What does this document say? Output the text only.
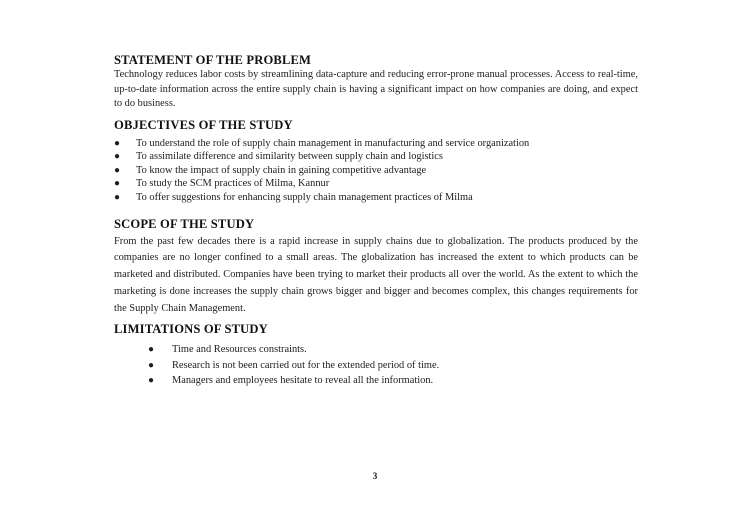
STATEMENT OF THE PROBLEM

Technology reduces labor costs by streamlining data-capture and reducing error-prone manual processes. Access to real-time, up-to-date information across the entire supply chain is having a significant impact on how companies are doing, and expect to do business.

OBJECTIVES OF THE STUDY
● To understand the role of supply chain management in manufacturing and service organization
● To assimilate difference and similarity between supply chain and logistics
● To know the impact of supply chain in gaining competitive advantage
● To study the SCM practices of Milma, Kannur
● To offer suggestions for enhancing supply chain management practices of Milma
SCOPE OF THE STUDY

From the past few decades there is a rapid increase in supply chains due to globalization. The products produced by the companies are no longer confined to a small areas. The globalization has increased the extent to which products can be marketed and distributed. Companies have been trying to market their products all over the world. As the extent to which the marketing is done increases the supply chain grows bigger and bigger and becomes complex, this changes requirements for the Supply Chain Management.

LIMITATIONS OF STUDY
● Time and Resources constraints.
● Research is not been carried out for the extended period of time.
● Managers and employees hesitate to reveal all the information.
3
